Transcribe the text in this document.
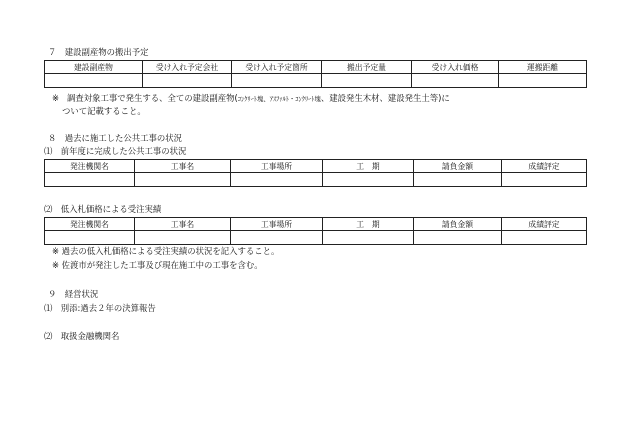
７　建設副産物の搬出予定
建設副産物	受け入れ予定会社	受け入れ予定箇所	搬出予定量	受け入れ価格	運搬距離

※ 調査対象工事で発生する、全ての建設副産物(ｺﾝｸﾘｰﾄ塊、ｱｽﾌｧﾙﾄ・ｺﾝｸﾘｰﾄ塊、建設発生木材、建設発生土等)に
ついて記載すること。
８　過去に施工した公共工事の状況
⑴　前年度に完成した公共工事の状況
発注機関名	工事名	工事場所	工　期	請負金額	成績評定

⑵　低入札価格による受注実績
発注機関名	工事名	工事場所	工　期	請負金額	成績評定

※ 過去の低入札価格による受注実績の状況を記入すること。
※ 佐渡市が発注した工事及び現在施工中の工事を含む。
９　経営状況
⑴　別添:過去２年の決算報告
⑵　取扱金融機関名
